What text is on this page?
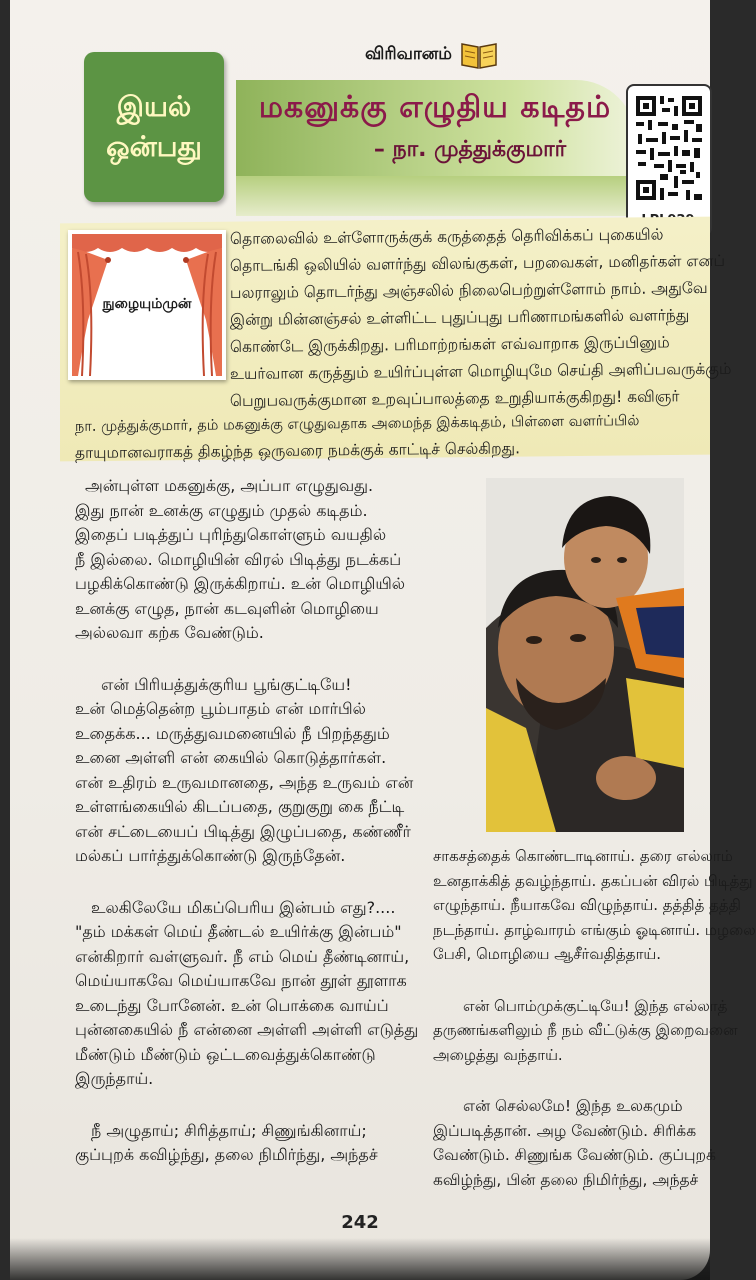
விரிவானம்
இயல்
ஒன்பது
மகனுக்கு எழுதிய கடிதம்
– நா. முத்துக்குமார்
நுழையும்முன்
தொலைவில் உள்ளோருக்குக் கருத்தைத் தெரிவிக்கப் புகையில்
தொடங்கி ஒலியில் வளர்ந்து விலங்குகள், பறவைகள், மனிதர்கள் எனப்
பலராலும் தொடர்ந்து அஞ்சலில் நிலைபெற்றுள்ளோம் நாம். அதுவே
இன்று மின்னஞ்சல் உள்ளிட்ட புதுப்புது பரிணாமங்களில் வளர்ந்து
கொண்டே இருக்கிறது. பரிமாற்றங்கள் எவ்வாறாக இருப்பினும்
உயர்வான கருத்தும் உயிர்ப்புள்ள மொழியுமே செய்தி அளிப்பவருக்கும்
பெறுபவருக்குமான உறவுப்பாலத்தை உறுதியாக்குகிறது! கவிஞர்
நா. முத்துக்குமார், தம் மகனுக்கு எழுதுவதாக அமைந்த இக்கடிதம், பிள்ளை வளர்ப்பில்
தாயுமானவராகத் திகழ்ந்த ஒருவரை நமக்குக் காட்டிச் செல்கிறது.

அன்புள்ள மகனுக்கு, அப்பா எழுதுவது.
இது நான் உனக்கு எழுதும் முதல் கடிதம்.
இதைப் படித்துப் புரிந்துகொள்ளும் வயதில்
நீ இல்லை. மொழியின் விரல் பிடித்து நடக்கப்
பழகிக்கொண்டு இருக்கிறாய். உன் மொழியில்
உனக்கு எழுத, நான் கடவுளின் மொழியை
அல்லவா கற்க வேண்டும்.

என் பிரியத்துக்குரிய பூங்குட்டியே!
உன் மெத்தென்ற பூம்பாதம் என் மார்பில்
உதைக்க... மருத்துவமனையில் நீ பிறந்ததும்
உனை அள்ளி என் கையில் கொடுத்தார்கள்.
என் உதிரம் உருவமானதை, அந்த உருவம் என்
உள்ளங்கையில் கிடப்பதை, குறுகுறு கை நீட்டி
என் சட்டையைப் பிடித்து இழுப்பதை, கண்ணீர்
மல்கப் பார்த்துக்கொண்டு இருந்தேன்.

உலகிலேயே மிகப்பெரிய இன்பம் எது?....
"தம் மக்கள் மெய் தீண்டல் உயிர்க்கு இன்பம்"
என்கிறார் வள்ளுவர். நீ எம் மெய் தீண்டினாய்,
மெய்யாகவே மெய்யாகவே நான் தூள் தூளாக
உடைந்து போனேன். உன் பொக்கை வாய்ப்
புன்னகையில் நீ என்னை அள்ளி அள்ளி எடுத்து
மீண்டும் மீண்டும் ஒட்டவைத்துக்கொண்டு
இருந்தாய்.

நீ அழுதாய்; சிரித்தாய்; சிணுங்கினாய்;
குப்புறக் கவிழ்ந்து, தலை நிமிர்ந்து, அந்தச்

சாகசத்தைக் கொண்டாடினாய். தரை எல்லாம்
உனதாக்கித் தவழ்ந்தாய். தகப்பன் விரல் பிடித்து
எழுந்தாய். நீயாகவே விழுந்தாய். தத்தித் தத்தி
நடந்தாய். தாழ்வாரம் எங்கும் ஓடினாய். மழலை
பேசி, மொழியை ஆசீர்வதித்தாய்.

என் பொம்முக்குட்டியே! இந்த எல்லாத்
தருணங்களிலும் நீ நம் வீட்டுக்கு இறைவனை
அழைத்து வந்தாய்.

என் செல்லமே! இந்த உலகமும்
இப்படித்தான். அழ வேண்டும். சிரிக்க
வேண்டும். சிணுங்க வேண்டும். குப்புறக்
கவிழ்ந்து, பின் தலை நிமிர்ந்து, அந்தச்

242
